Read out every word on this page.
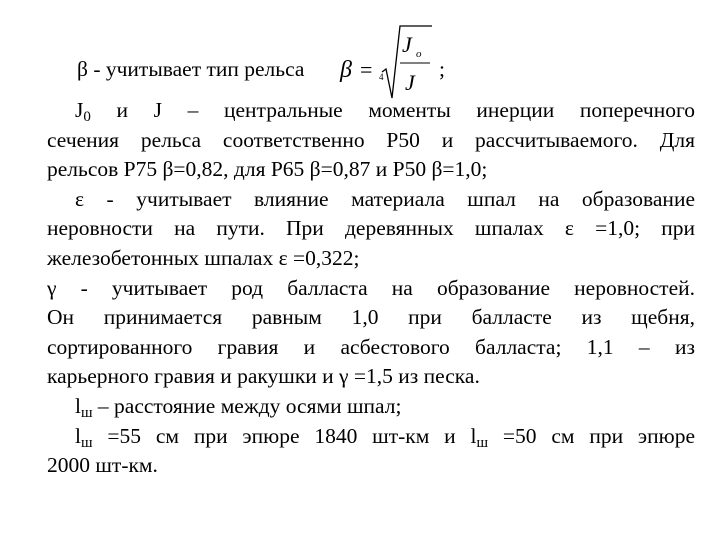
β - учитывает тип рельса β = 4
J o
J
;
$J_0$ и J – центральные моменты инерции поперечного
сечения рельса соответственно Р50 и рассчитываемого. Для
рельсов Р75 β=0,82, для Р65 β=0,87 и Р50 β=1,0;
ε - учитывает влияние материала шпал на образование
неровности на пути. При деревянных шпалах ε =1,0; при
железобетонных шпалах ε =0,322;
γ - учитывает род балласта на образование неровностей.
Он принимается равным 1,0 при балласте из щебня,
сортированного гравия и асбестового балласта; 1,1 – из
карьерного гравия и ракушки и γ =1,5 из песка.
$l_ш$ – расстояние между осями шпал;
$l_ш =55$ см при эпюре 1840 шт-км и $l_ш =50$ см при эпюре
2000 шт-км.
